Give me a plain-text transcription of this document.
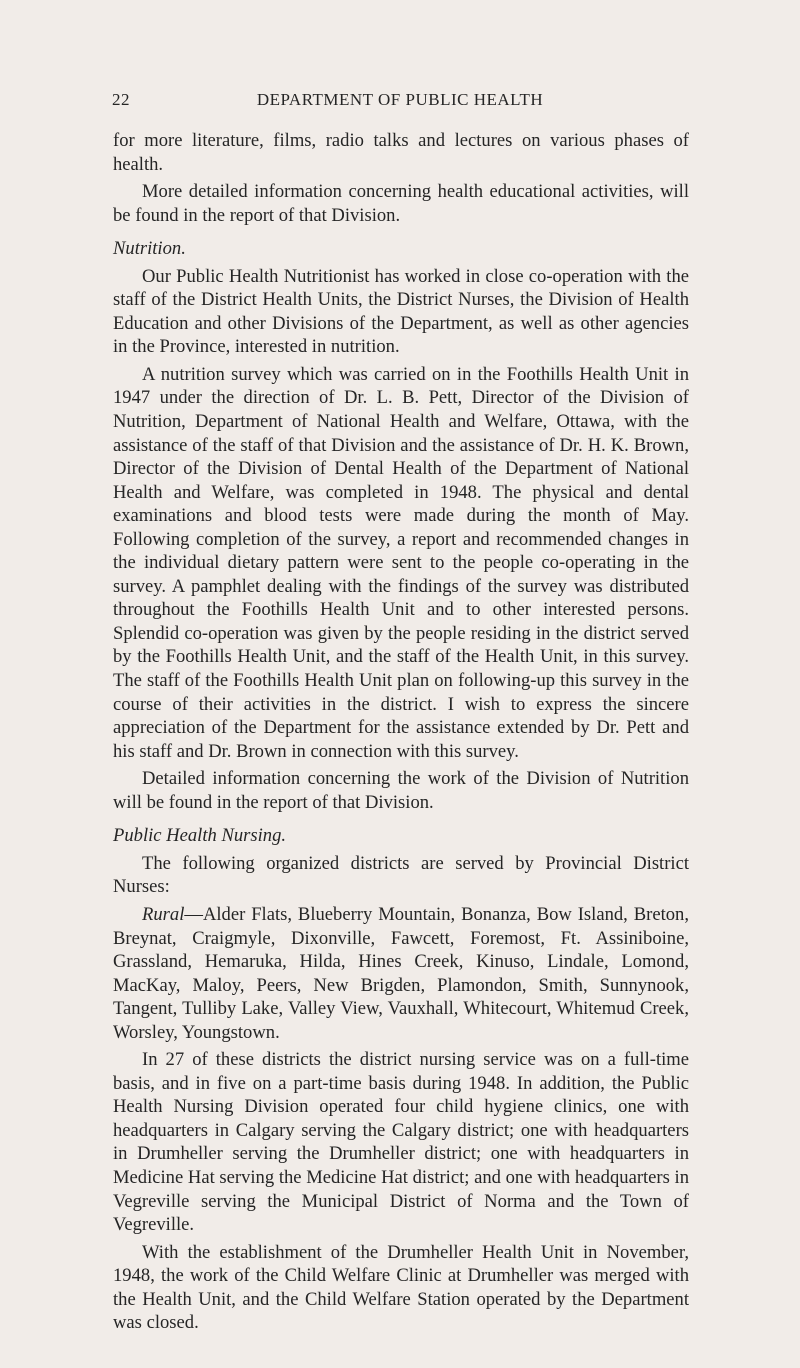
22	DEPARTMENT OF PUBLIC HEALTH

for more literature, films, radio talks and lectures on various phases of health.

More detailed information concerning health educational activities, will be found in the report of that Division.

Nutrition.

Our Public Health Nutritionist has worked in close co-operation with the staff of the District Health Units, the District Nurses, the Division of Health Education and other Divisions of the Department, as well as other agencies in the Province, interested in nutrition.

A nutrition survey which was carried on in the Foothills Health Unit in 1947 under the direction of Dr. L. B. Pett, Director of the Division of Nutrition, Department of National Health and Welfare, Ottawa, with the assistance of the staff of that Division and the assistance of Dr. H. K. Brown, Director of the Division of Dental Health of the Department of National Health and Welfare, was completed in 1948. The physical and dental examinations and blood tests were made during the month of May. Following completion of the survey, a report and recommended changes in the individual dietary pattern were sent to the people co-operating in the survey. A pamphlet dealing with the findings of the survey was distributed throughout the Foothills Health Unit and to other interested persons. Splendid co-operation was given by the people residing in the district served by the Foothills Health Unit, and the staff of the Health Unit, in this survey. The staff of the Foothills Health Unit plan on following-up this survey in the course of their activities in the district. I wish to express the sincere appreciation of the Department for the assistance extended by Dr. Pett and his staff and Dr. Brown in connection with this survey.

Detailed information concerning the work of the Division of Nutrition will be found in the report of that Division.

Public Health Nursing.

The following organized districts are served by Provincial District Nurses:

Rural—Alder Flats, Blueberry Mountain, Bonanza, Bow Island, Breton, Breynat, Craigmyle, Dixonville, Fawcett, Foremost, Ft. Assiniboine, Grassland, Hemaruka, Hilda, Hines Creek, Kinuso, Lindale, Lomond, MacKay, Maloy, Peers, New Brigden, Plamondon, Smith, Sunnynook, Tangent, Tulliby Lake, Valley View, Vauxhall, Whitecourt, Whitemud Creek, Worsley, Youngstown.

In 27 of these districts the district nursing service was on a full-time basis, and in five on a part-time basis during 1948. In addition, the Public Health Nursing Division operated four child hygiene clinics, one with headquarters in Calgary serving the Calgary district; one with headquarters in Drumheller serving the Drumheller district; one with headquarters in Medicine Hat serving the Medicine Hat district; and one with headquarters in Vegreville serving the Municipal District of Norma and the Town of Vegreville.

With the establishment of the Drumheller Health Unit in November, 1948, the work of the Child Welfare Clinic at Drumheller was merged with the Health Unit, and the Child Welfare Station operated by the Department was closed.
